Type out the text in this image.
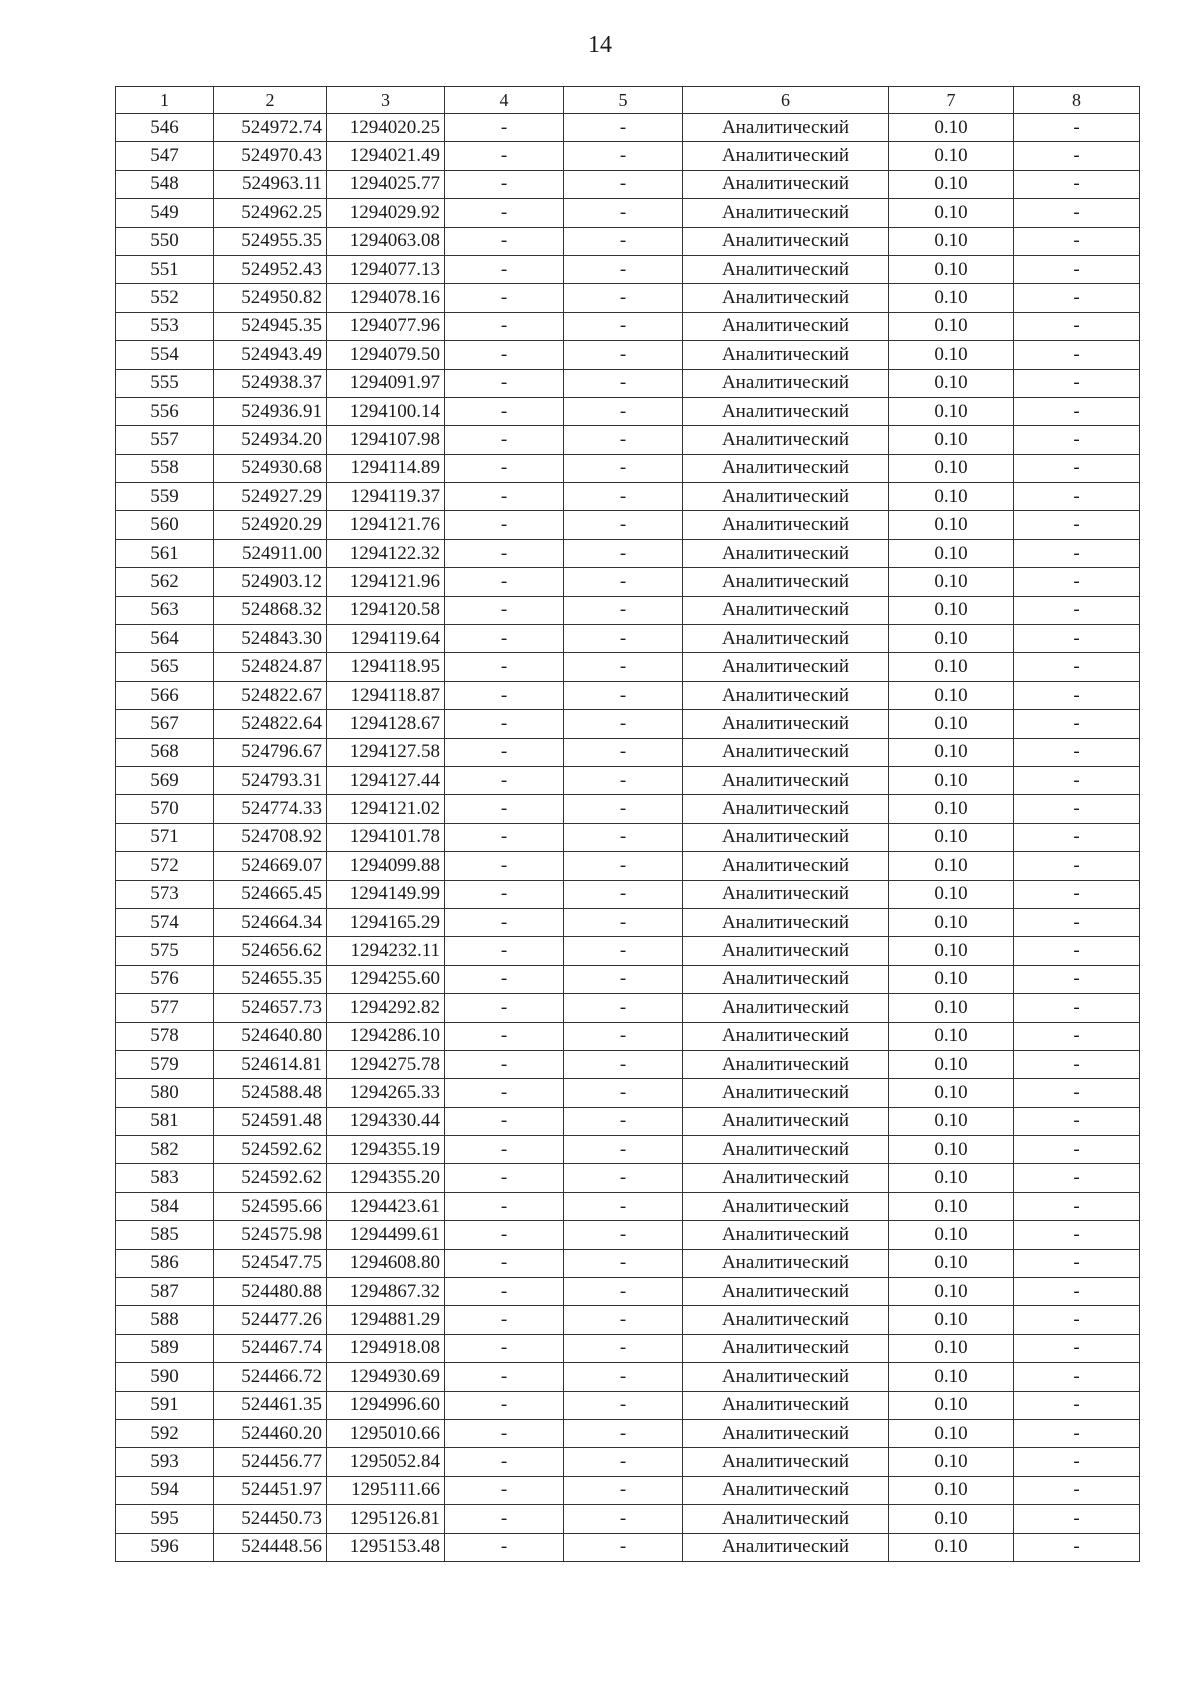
14
1	2	3	4	5	6	7	8
546	524972.74	1294020.25	-	-	Аналитический	0.10	-
547	524970.43	1294021.49	-	-	Аналитический	0.10	-
548	524963.11	1294025.77	-	-	Аналитический	0.10	-
549	524962.25	1294029.92	-	-	Аналитический	0.10	-
550	524955.35	1294063.08	-	-	Аналитический	0.10	-
551	524952.43	1294077.13	-	-	Аналитический	0.10	-
552	524950.82	1294078.16	-	-	Аналитический	0.10	-
553	524945.35	1294077.96	-	-	Аналитический	0.10	-
554	524943.49	1294079.50	-	-	Аналитический	0.10	-
555	524938.37	1294091.97	-	-	Аналитический	0.10	-
556	524936.91	1294100.14	-	-	Аналитический	0.10	-
557	524934.20	1294107.98	-	-	Аналитический	0.10	-
558	524930.68	1294114.89	-	-	Аналитический	0.10	-
559	524927.29	1294119.37	-	-	Аналитический	0.10	-
560	524920.29	1294121.76	-	-	Аналитический	0.10	-
561	524911.00	1294122.32	-	-	Аналитический	0.10	-
562	524903.12	1294121.96	-	-	Аналитический	0.10	-
563	524868.32	1294120.58	-	-	Аналитический	0.10	-
564	524843.30	1294119.64	-	-	Аналитический	0.10	-
565	524824.87	1294118.95	-	-	Аналитический	0.10	-
566	524822.67	1294118.87	-	-	Аналитический	0.10	-
567	524822.64	1294128.67	-	-	Аналитический	0.10	-
568	524796.67	1294127.58	-	-	Аналитический	0.10	-
569	524793.31	1294127.44	-	-	Аналитический	0.10	-
570	524774.33	1294121.02	-	-	Аналитический	0.10	-
571	524708.92	1294101.78	-	-	Аналитический	0.10	-
572	524669.07	1294099.88	-	-	Аналитический	0.10	-
573	524665.45	1294149.99	-	-	Аналитический	0.10	-
574	524664.34	1294165.29	-	-	Аналитический	0.10	-
575	524656.62	1294232.11	-	-	Аналитический	0.10	-
576	524655.35	1294255.60	-	-	Аналитический	0.10	-
577	524657.73	1294292.82	-	-	Аналитический	0.10	-
578	524640.80	1294286.10	-	-	Аналитический	0.10	-
579	524614.81	1294275.78	-	-	Аналитический	0.10	-
580	524588.48	1294265.33	-	-	Аналитический	0.10	-
581	524591.48	1294330.44	-	-	Аналитический	0.10	-
582	524592.62	1294355.19	-	-	Аналитический	0.10	-
583	524592.62	1294355.20	-	-	Аналитический	0.10	-
584	524595.66	1294423.61	-	-	Аналитический	0.10	-
585	524575.98	1294499.61	-	-	Аналитический	0.10	-
586	524547.75	1294608.80	-	-	Аналитический	0.10	-
587	524480.88	1294867.32	-	-	Аналитический	0.10	-
588	524477.26	1294881.29	-	-	Аналитический	0.10	-
589	524467.74	1294918.08	-	-	Аналитический	0.10	-
590	524466.72	1294930.69	-	-	Аналитический	0.10	-
591	524461.35	1294996.60	-	-	Аналитический	0.10	-
592	524460.20	1295010.66	-	-	Аналитический	0.10	-
593	524456.77	1295052.84	-	-	Аналитический	0.10	-
594	524451.97	1295111.66	-	-	Аналитический	0.10	-
595	524450.73	1295126.81	-	-	Аналитический	0.10	-
596	524448.56	1295153.48	-	-	Аналитический	0.10	-
